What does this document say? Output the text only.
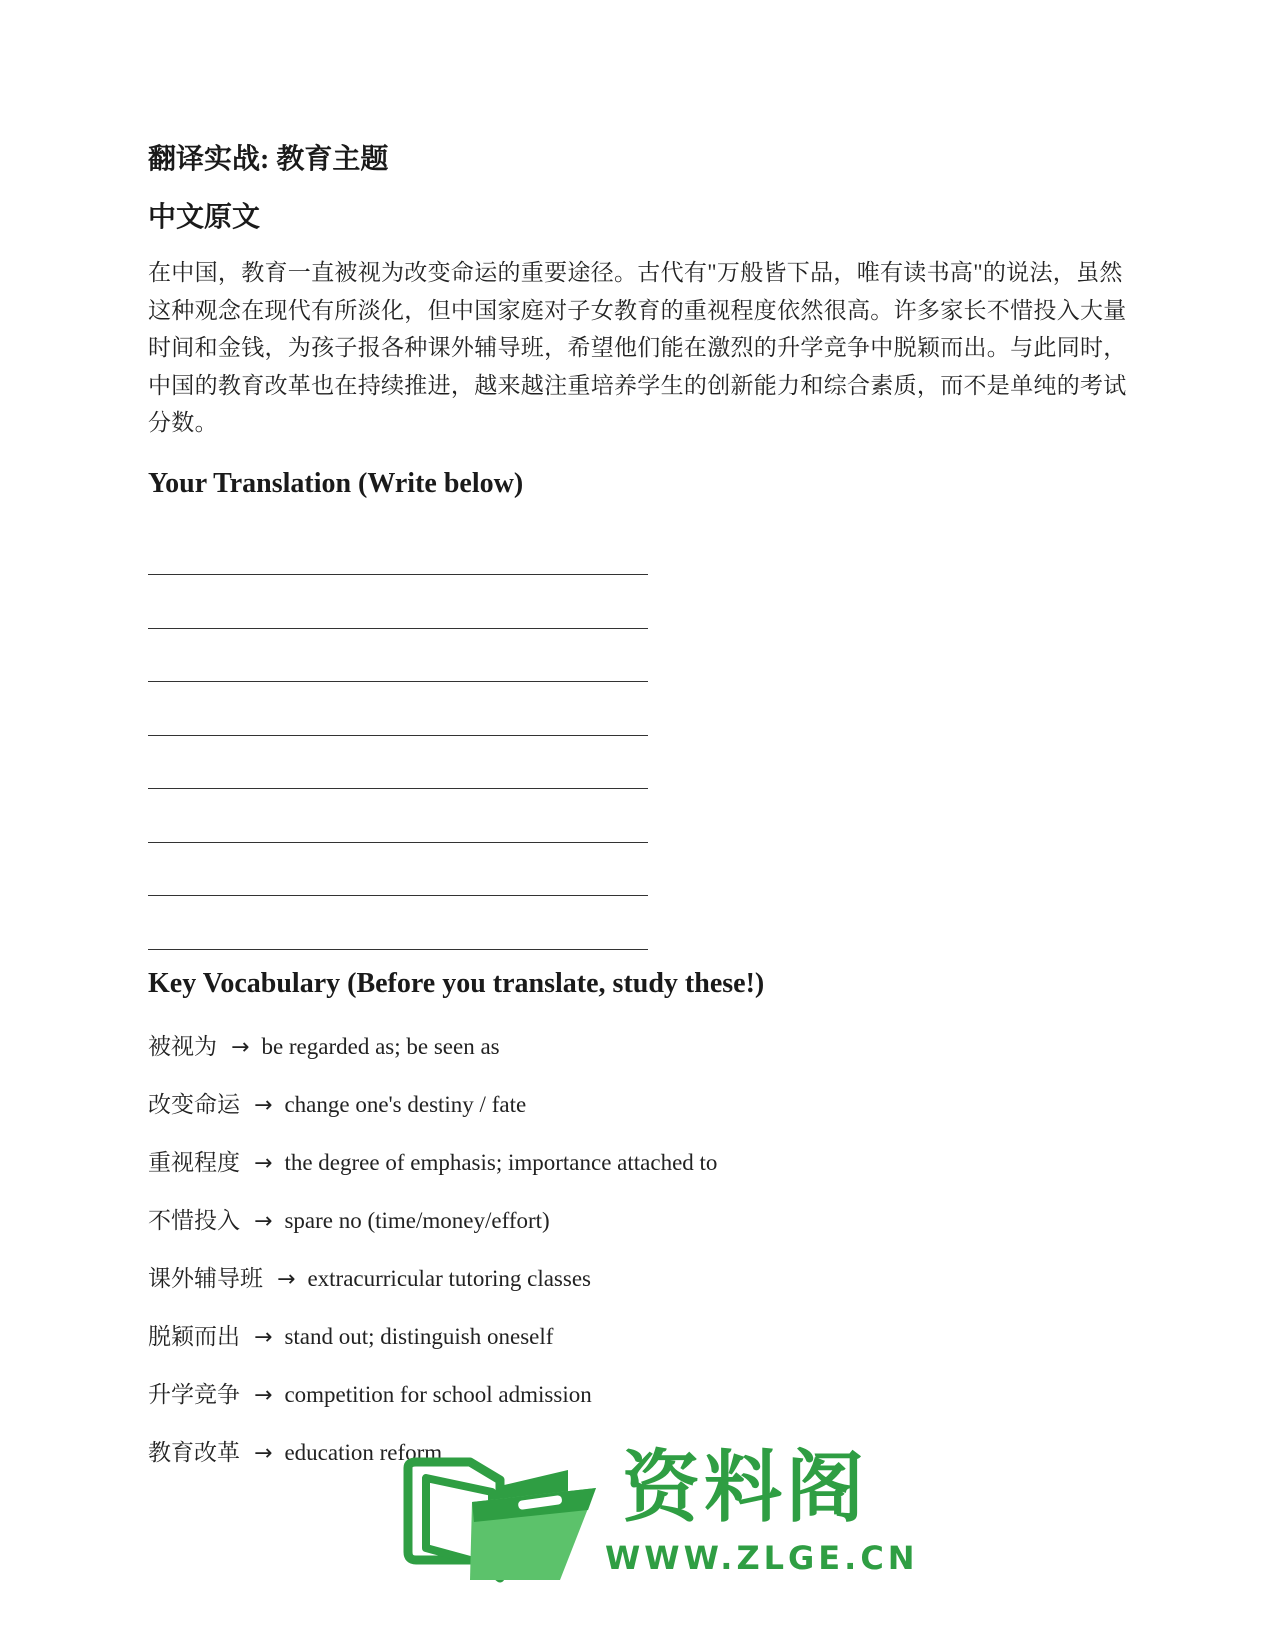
翻译实战: 教育主题
中文原文
在中国，教育一直被视为改变命运的重要途径。古代有"万般皆下品，唯有读书高"的说法，虽然这种观念在现代有所淡化，但中国家庭对子女教育的重视程度依然很高。许多家长不惜投入大量时间和金钱，为孩子报各种课外辅导班，希望他们能在激烈的升学竞争中脱颖而出。与此同时，中国的教育改革也在持续推进，越来越注重培养学生的创新能力和综合素质，而不是单纯的考试分数。
Your Translation (Write below)
Key Vocabulary (Before you translate, study these!)
被视为 → be regarded as; be seen as
改变命运 → change one's destiny / fate
重视程度 → the degree of emphasis; importance attached to
不惜投入 → spare no (time/money/effort)
课外辅导班 → extracurricular tutoring classes
脱颖而出 → stand out; distinguish oneself
升学竞争 → competition for school admission
教育改革 → education reform	资料阁
WWW.ZLGE.CN
